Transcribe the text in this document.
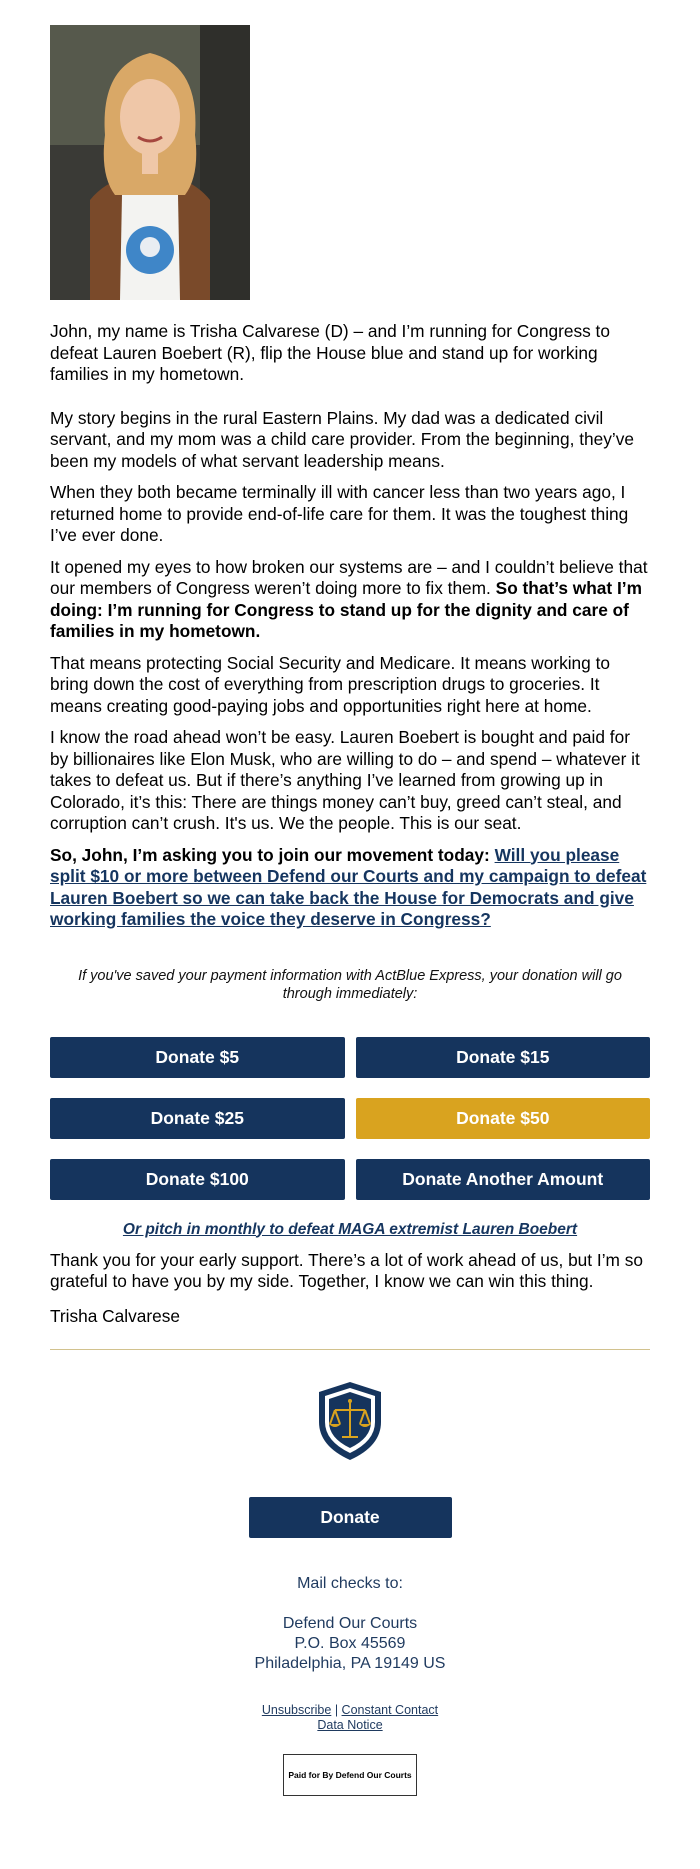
John, my name is Trisha Calvarese (D) – and I’m running for Congress to defeat Lauren Boebert (R), flip the House blue and stand up for working families in my hometown.

My story begins in the rural Eastern Plains. My dad was a dedicated civil servant, and my mom was a child care provider. From the beginning, they’ve been my models of what servant leadership means.

When they both became terminally ill with cancer less than two years ago, I returned home to provide end-of-life care for them. It was the toughest thing I’ve ever done.

It opened my eyes to how broken our systems are – and I couldn’t believe that our members of Congress weren’t doing more to fix them. So that’s what I’m doing: I’m running for Congress to stand up for the dignity and care of families in my hometown.

That means protecting Social Security and Medicare. It means working to bring down the cost of everything from prescription drugs to groceries. It means creating good-paying jobs and opportunities right here at home.

I know the road ahead won’t be easy. Lauren Boebert is bought and paid for by billionaires like Elon Musk, who are willing to do – and spend – whatever it takes to defeat us. But if there’s anything I’ve learned from growing up in Colorado, it’s this: There are things money can’t buy, greed can’t steal, and corruption can’t crush. It's us. We the people. This is our seat.

So, John, I’m asking you to join our movement today: Will you please split $10 or more between Defend our Courts and my campaign to defeat Lauren Boebert so we can take back the House for Democrats and give working families the voice they deserve in Congress?

If you've saved your payment information with ActBlue Express, your donation will go through immediately:

Donate $5	Donate $15
Donate $25	Donate $50
Donate $100	Donate Another Amount
Or pitch in monthly to defeat MAGA extremist Lauren Boebert

Thank you for your early support. There’s a lot of work ahead of us, but I’m so grateful to have you by my side. Together, I know we can win this thing.

Trisha Calvarese

Donate
Mail checks to:
Defend Our Courts
P.O. Box 45569
Philadelphia, PA 19149 US
Unsubscribe | Constant Contact
Data Notice
Paid for By Defend Our Courts
